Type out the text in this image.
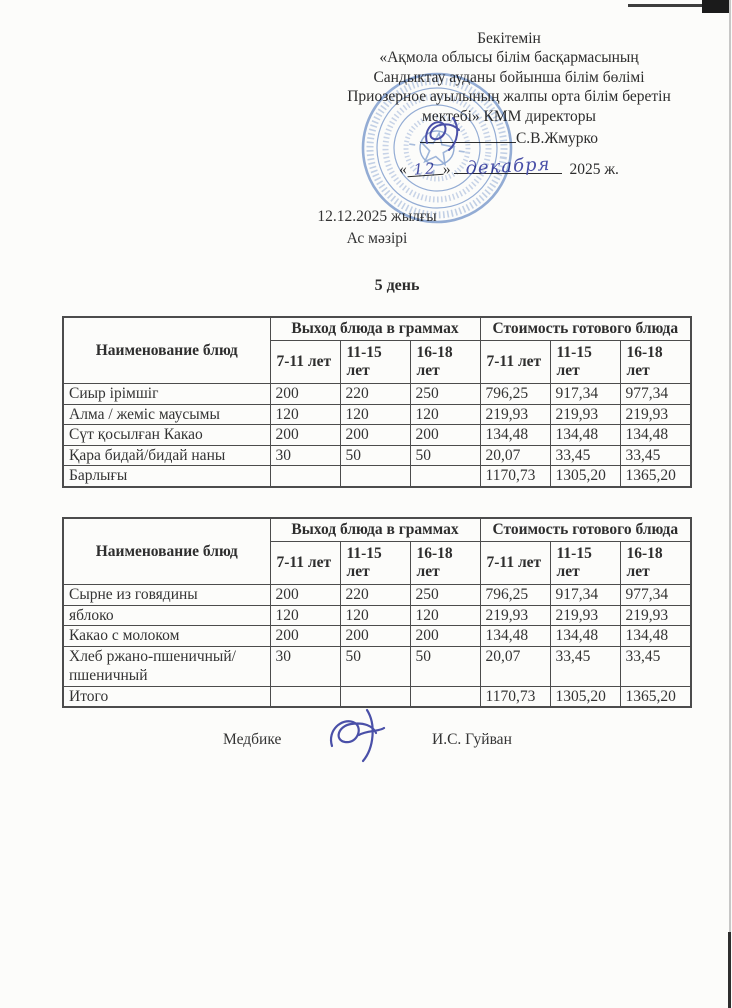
Бекітемін
«Ақмола облысы білім басқармасының
Сандыктау ауданы бойынша білім бөлімі
Приозерное ауылының жалпы орта білім беретін
мектебі» КММ директоры
С.В.Жмурко
« 12 » декабря	2025 ж.
12.12.2025 жылғы
Ас мәзірі
5 день
Наименование блюд	Выход блюда в граммах			Стоимость готового блюда		
	7-11 лет	11-15 лет	16-18 лет	7-11 лет	11-15 лет	16-18 лет
Сиыр ірімшіг	200	220	250	796,25	917,34	977,34
Алма / жеміс маусымы	120	120	120	219,93	219,93	219,93
Сүт қосылған Какао	200	200	200	134,48	134,48	134,48
Қара бидай/бидай наны	30	50	50	20,07	33,45	33,45
Барлығы				1170,73	1305,20	1365,20
Наименование блюд	Выход блюда в граммах			Стоимость готового блюда		
	7-11 лет	11-15 лет	16-18 лет	7-11 лет	11-15 лет	16-18 лет
Сырне из говядины	200	220	250	796,25	917,34	977,34
яблоко	120	120	120	219,93	219,93	219,93
Какао с молоком	200	200	200	134,48	134,48	134,48
Хлеб ржано-пшеничный/пшеничный	30	50	50	20,07	33,45	33,45
Итого				1170,73	1305,20	1365,20
Медбике	И.С. Гуйван
